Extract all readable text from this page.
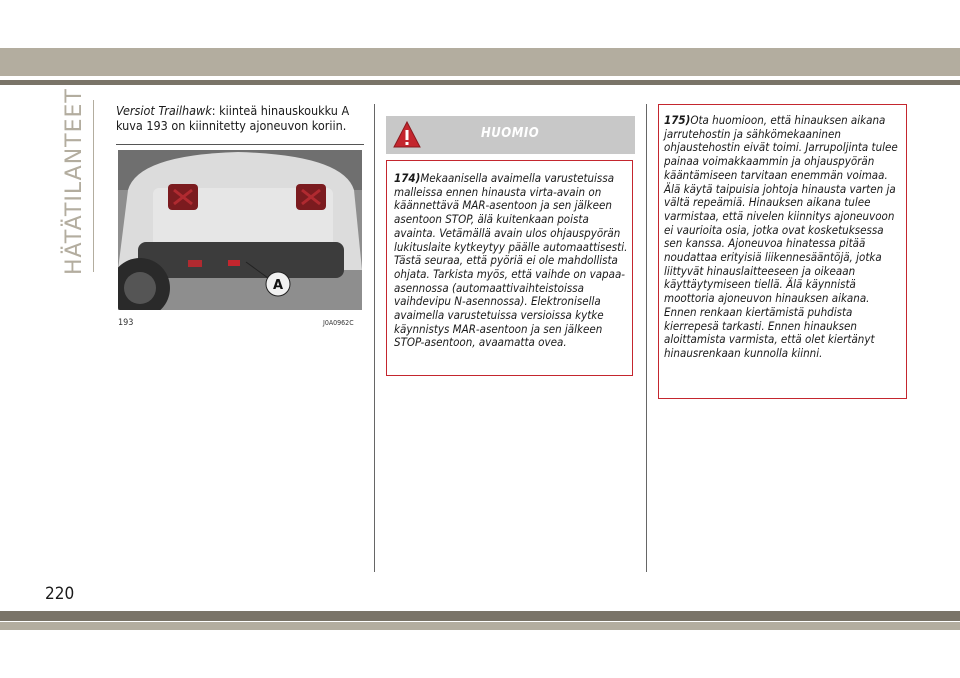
HÄTÄTILANTEET Versiot Trailhawk: kiinteä hinauskoukku A kuva 193 on kiinnitetty ajoneuvon koriin.
A
193	J0A0962C
HUOMIO
174)Mekaanisella avaimella varustetuissa malleissa ennen hinausta virta-avain on käännettävä MAR-asentoon ja sen jälkeen asentoon STOP, älä kuitenkaan poista avainta. Vetämällä avain ulos ohjauspyörän lukituslaite kytkeytyy päälle automaattisesti. Tästä seuraa, että pyöriä ei ole mahdollista ohjata. Tarkista myös, että vaihde on vapaa-asennossa (automaattivaihteistoissa vaihdevipu N-asennossa). Elektronisella avaimella varustetuissa versioissa kytke käynnistys MAR-asentoon ja sen jälkeen STOP-asentoon, avaamatta ovea.
175)Ota huomioon, että hinauksen aikana jarrutehostin ja sähkömekaaninen ohjaustehostin eivät toimi. Jarrupoljinta tulee painaa voimakkaammin ja ohjauspyörän kääntämiseen tarvitaan enemmän voimaa. Älä käytä taipuisia johtoja hinausta varten ja vältä repeämiä. Hinauksen aikana tulee varmistaa, että nivelen kiinnitys ajoneuvoon ei vaurioita osia, jotka ovat kosketuksessa sen kanssa. Ajoneuvoa hinatessa pitää noudattaa erityisiä liikennesääntöjä, jotka liittyvät hinauslaitteeseen ja oikeaan käyttäytymiseen tiellä. Älä käynnistä moottoria ajoneuvon hinauksen aikana. Ennen renkaan kiertämistä puhdista kierrepesä tarkasti. Ennen hinauksen aloittamista varmista, että olet kiertänyt hinausrenkaan kunnolla kiinni.
220
